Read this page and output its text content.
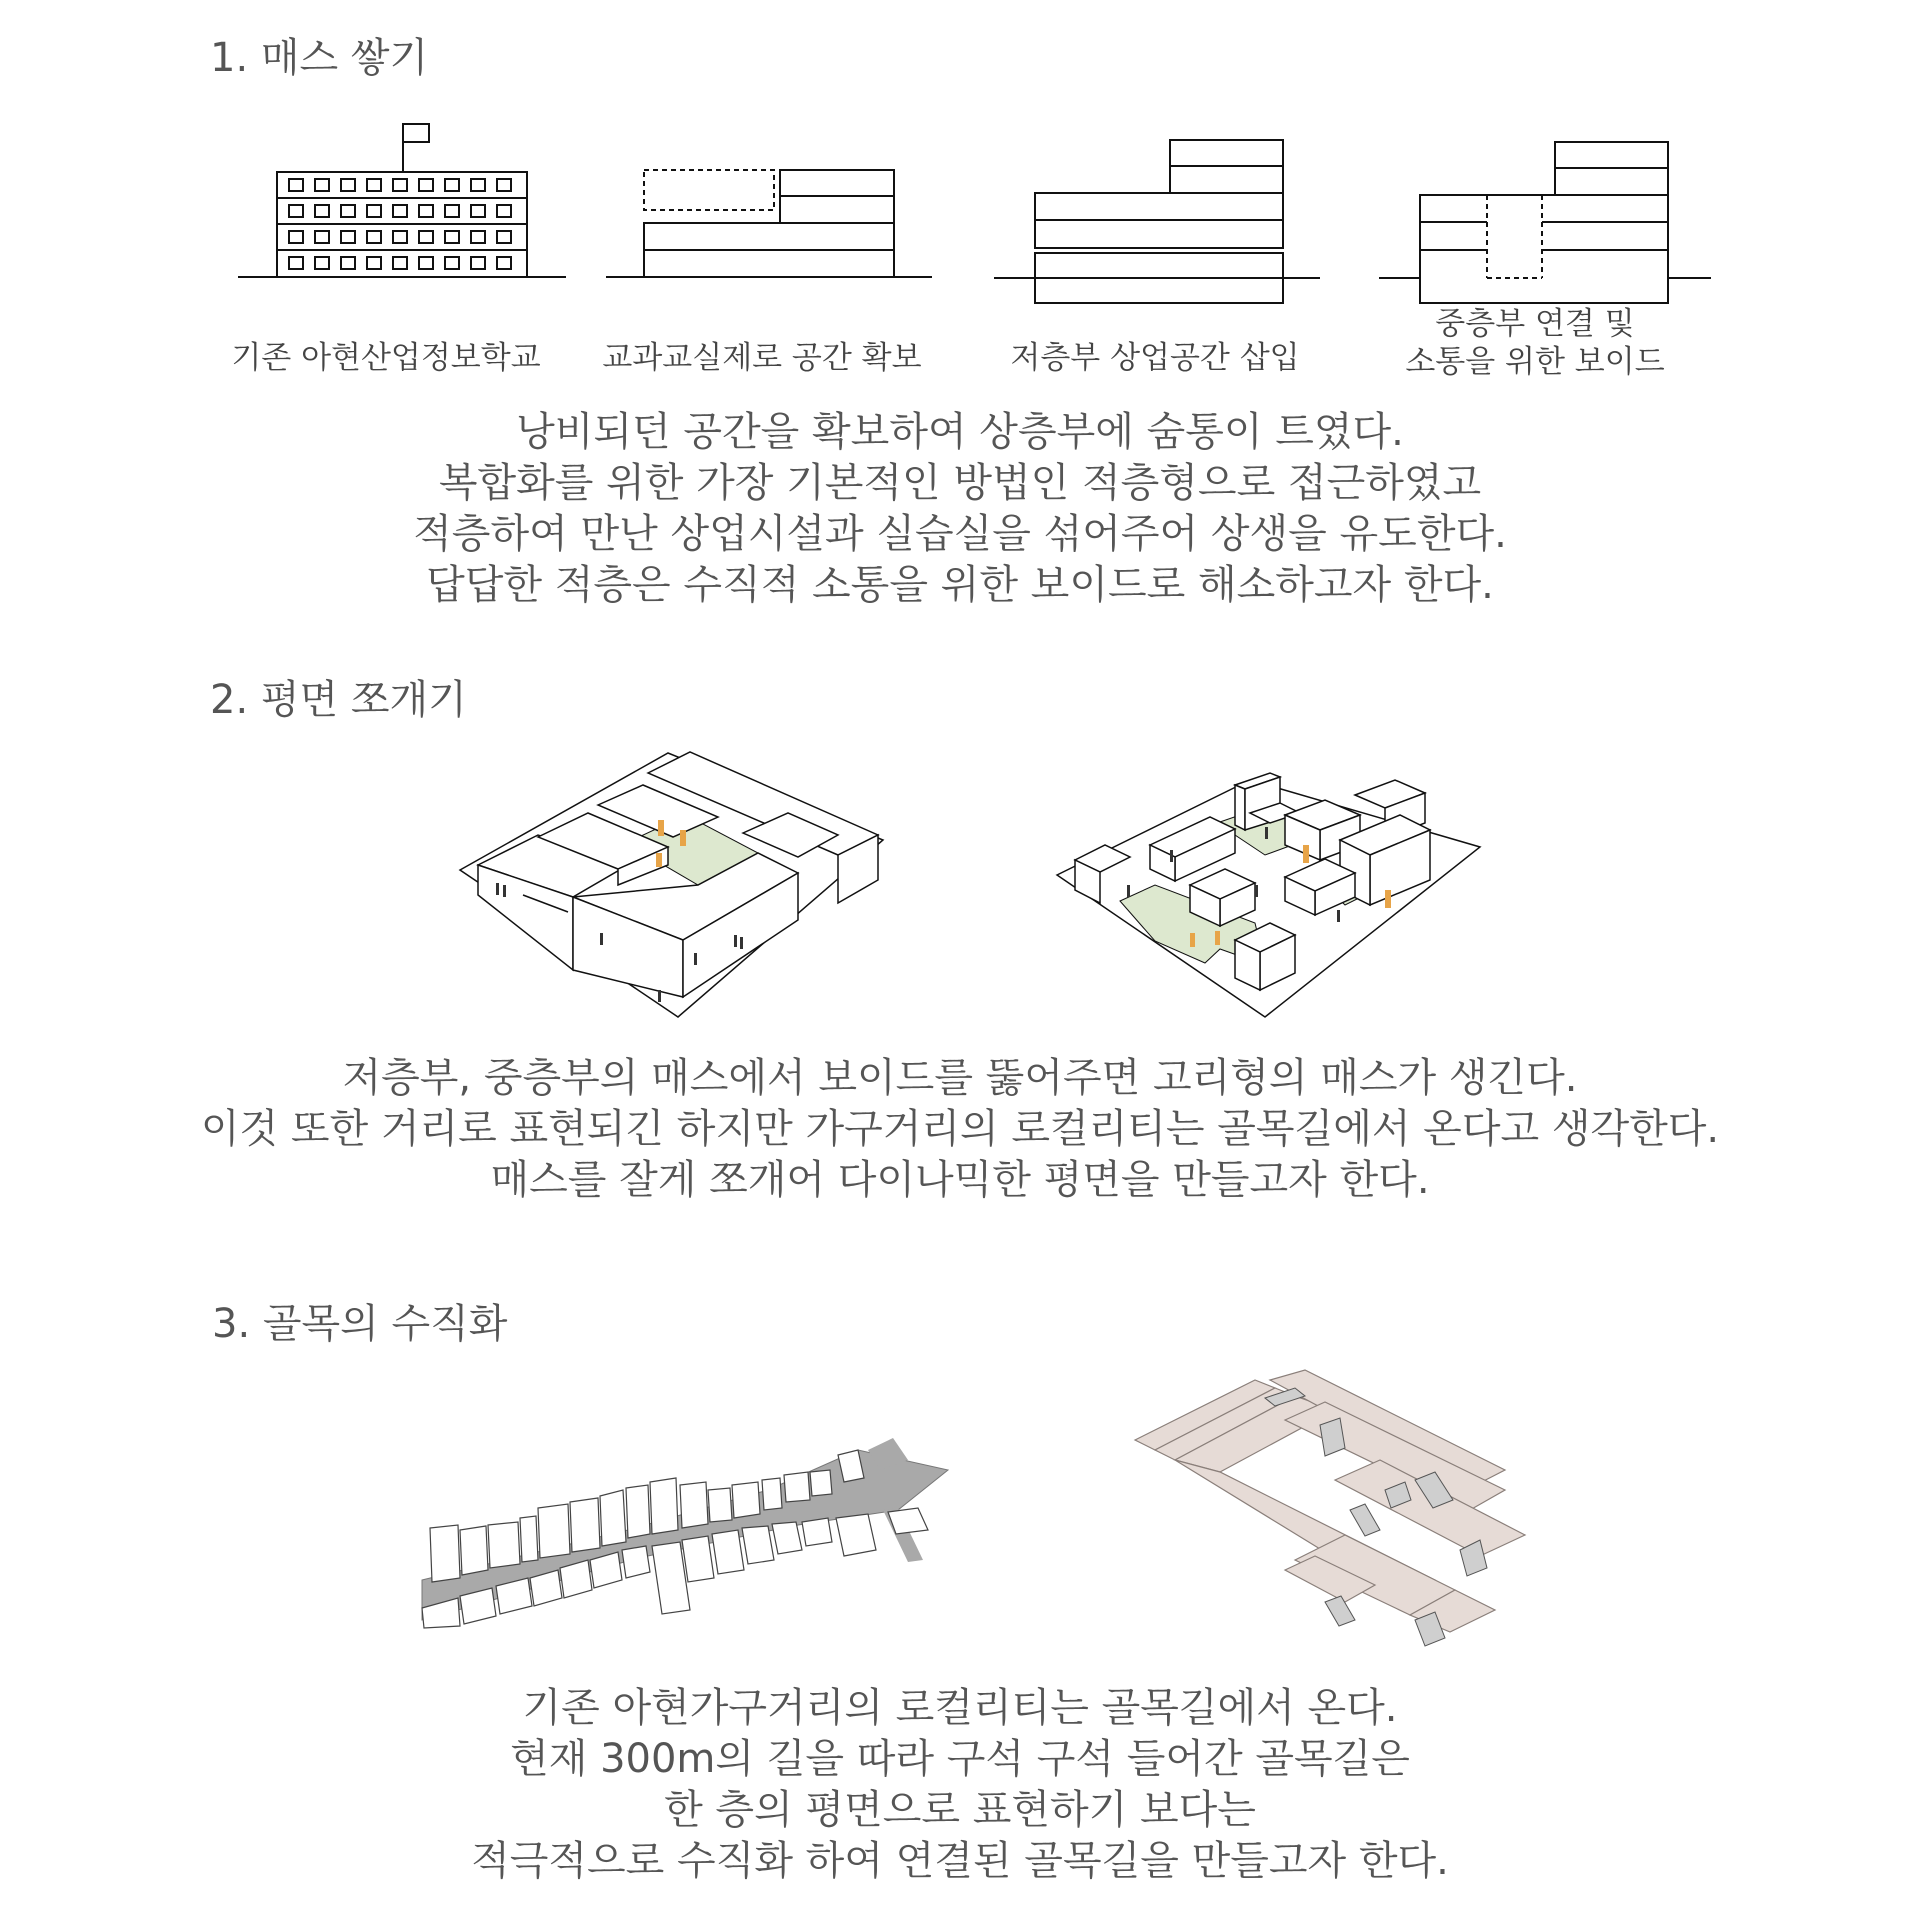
1. 매스 쌓기
기존 아현산업정보학교 교과교실제로 공간 확보	저층부 상업공간 삽입
중층부 연결 및
소통을 위한 보이드
낭비되던 공간을 확보하여 상층부에 숨통이 트였다.
복합화를 위한 가장 기본적인 방법인 적층형으로 접근하였고
적층하여 만난 상업시설과 실습실을 섞어주어 상생을 유도한다.
답답한 적층은 수직적 소통을 위한 보이드로 해소하고자 한다.
2. 평면 쪼개기
저층부, 중층부의 매스에서 보이드를 뚫어주면 고리형의 매스가 생긴다.
이것 또한 거리로 표현되긴 하지만 가구거리의 로컬리티는 골목길에서 온다고 생각한다.
매스를 잘게 쪼개어 다이나믹한 평면을 만들고자 한다.
3. 골목의 수직화
기존 아현가구거리의 로컬리티는 골목길에서 온다.
현재 300m의 길을 따라 구석 구석 들어간 골목길은
한 층의 평면으로 표현하기 보다는
적극적으로 수직화 하여 연결된 골목길을 만들고자 한다.
